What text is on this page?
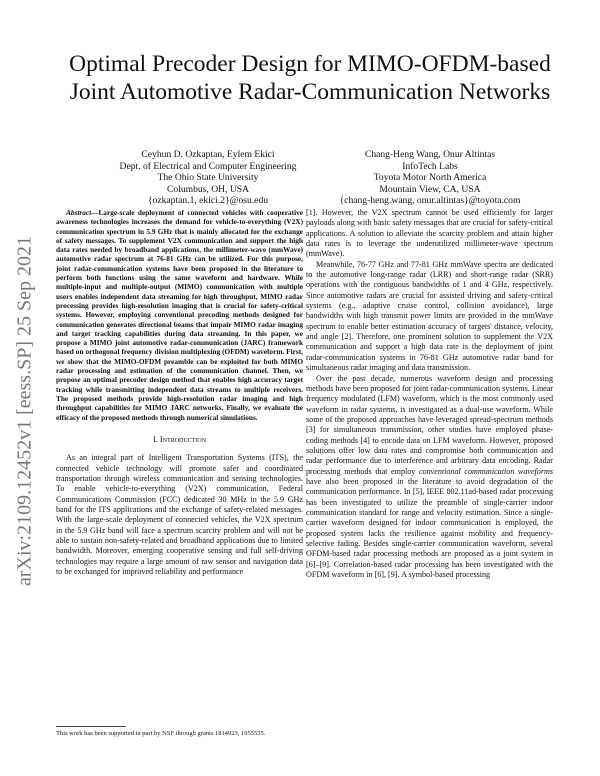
Optimal Precoder Design for MIMO-OFDM-based
Joint Automotive Radar-Communication Networks
Ceyhun D. Ozkaptan, Eylem Ekici
Dept. of Electrical and Computer Engineering
The Ohio State University
Columbus, OH, USA
{ozkaptan.1, ekici.2}@osu.edu
Chang-Heng Wang, Onur Altintas
InfoTech Labs
Toyota Motor North America
Mountain View, CA, USA
{chang-heng.wang, onur.altintas}@toyota.com
arXiv:2109.12452v1 [eess.SP] 25 Sep 2021

Abstract—Large-scale deployment of connected vehicles with cooperative awareness technologies increases the demand for vehicle-to-everything (V2X) communication spectrum in 5.9 GHz that is mainly allocated for the exchange of safety messages. To supplement V2X communication and support the high data rates needed by broadband applications, the millimeter-wave (mmWave) automotive radar spectrum at 76-81 GHz can be utilized. For this purpose, joint radar-communication systems have been proposed in the literature to perform both functions using the same waveform and hardware. While multiple-input and multiple-output (MIMO) communication with multiple users enables independent data streaming for high throughput, MIMO radar processing provides high-resolution imaging that is crucial for safety-critical systems. However, employing conventional precoding methods designed for communication generates directional beams that impair MIMO radar imaging and target tracking capabilities during data streaming. In this paper, we propose a MIMO joint automotive radar-communication (JARC) framework based on orthogonal frequency division multiplexing (OFDM) waveform. First, we show that the MIMO-OFDM preamble can be exploited for both MIMO radar processing and estimation of the communication channel. Then, we propose an optimal precoder design method that enables high accuracy target tracking while transmitting independent data streams to multiple receivers. The proposed methods provide high-resolution radar imaging and high throughput capabilities for MIMO JARC networks. Finally, we evaluate the efficacy of the proposed methods through numerical simulations.

I. Introduction

As an integral part of Intelligent Transportation Systems (ITS), the connected vehicle technology will promote safer and coordinated transportation through wireless communication and sensing technologies. To enable vehicle-to-everything (V2X) communication, Federal Communications Commission (FCC) dedicated 30 MHz in the 5.9 GHz band for the ITS applications and the exchange of safety-related messages. With the large-scale deployment of connected vehicles, the V2X spectrum in the 5.9 GHz band will face a spectrum scarcity problem and will not be able to sustain non-safety-related and broadband applications due to limited bandwidth. Moreover, emerging cooperative sensing and full self-driving technologies may require a large amount of raw sensor and navigation data to be exchanged for improved reliability and performance

[1]. However, the V2X spectrum cannot be used efficiently for larger payloads along with basic safety messages that are crucial for safety-critical applications. A solution to alleviate the scarcity problem and attain higher data rates is to leverage the underutilized millimeter-wave spectrum (mmWave).

Meanwhile, 76-77 GHz and 77-81 GHz mmWave spectra are dedicated to the automotive long-range radar (LRR) and short-range radar (SRR) operations with the contiguous bandwidths of 1 and 4 GHz, respectively. Since automotive radars are crucial for assisted driving and safety-critical systems (e.g., adaptive cruise control, collision avoidance), large bandwidths with high transmit power limits are provided in the mmWave spectrum to enable better estimation accuracy of targets' distance, velocity, and angle [2]. Therefore, one prominent solution to supplement the V2X communication and support a high data rate is the deployment of joint radar-communication systems in 76-81 GHz automotive radar band for simultaneous radar imaging and data transmission.

Over the past decade, numerous waveform design and processing methods have been proposed for joint radar-communication systems. Linear frequency modulated (LFM) waveform, which is the most commonly used waveform in radar systems, is investigated as a dual-use waveform. While some of the proposed approaches have leveraged spread-spectrum methods [3] for simultaneous transmission, other studies have employed phase-coding methods [4] to encode data on LFM waveform. However, proposed solutions offer low data rates and compromise both communication and radar performance due to interference and arbitrary data encoding. Radar processing methods that employ conventional communication waveforms have also been proposed in the literature to avoid degradation of the communication performance. In [5], IEEE 802.11ad-based radar processing has been investigated to utilize the preamble of single-carrier indoor communication standard for range and velocity estimation. Since a single-carrier waveform designed for indoor communication is employed, the proposed system lacks the resilience against mobility and frequency-selective fading. Besides single-carrier communication waveform, several OFDM-based radar processing methods are proposed as a joint system in [6]–[9]. Correlation-based radar processing has been investigated with the OFDM waveform in [6], [9]. A symbol-based processing

This work has been supported in part by NSF through grants 1814923, 1955535.
